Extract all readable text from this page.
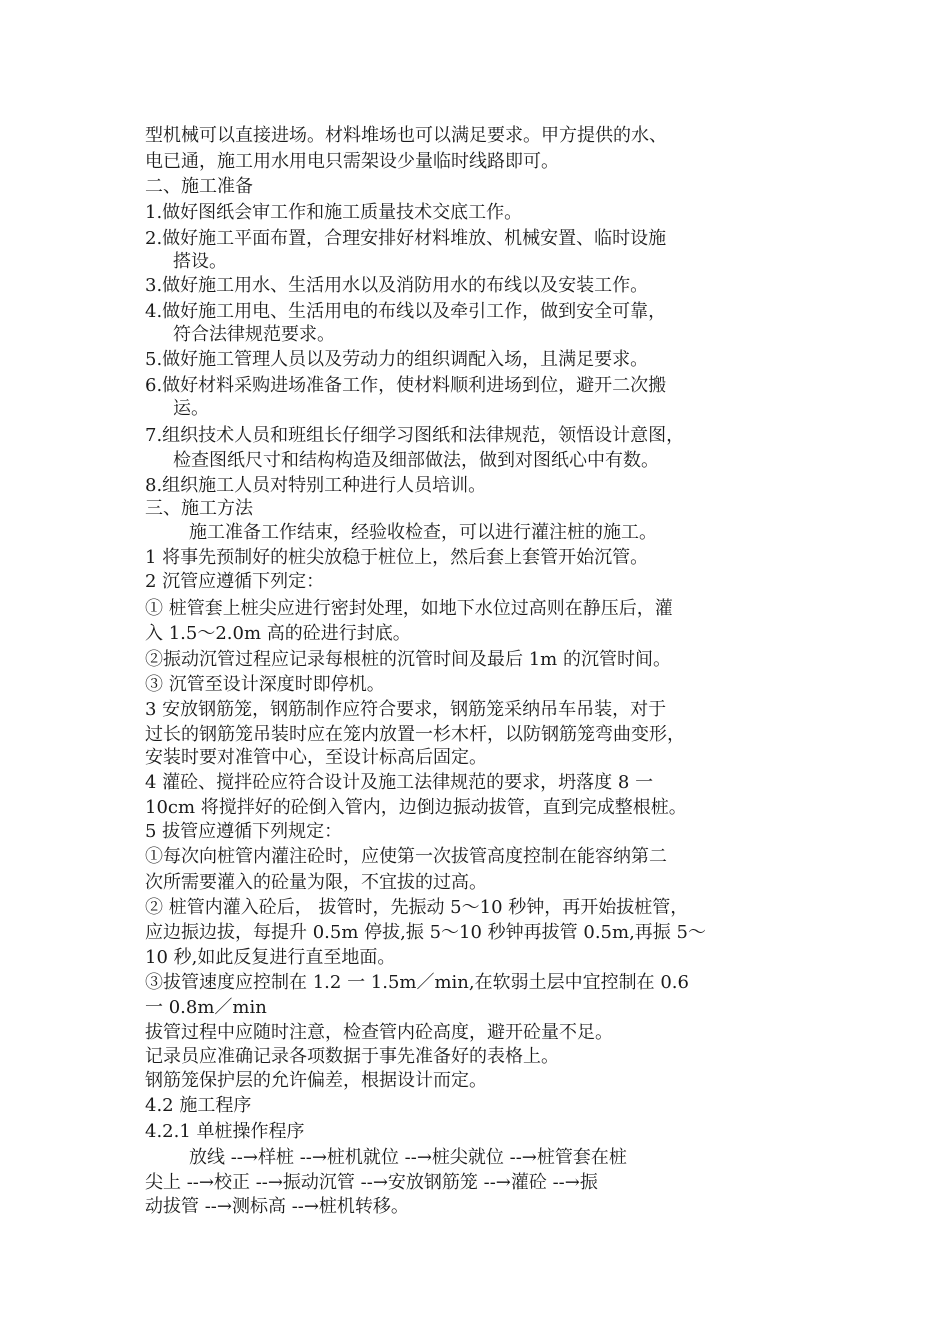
型机械可以直接进场。材料堆场也可以满足要求。甲方提供的水、
电已通，施工用水用电只需架设少量临时线路即可。
二、施工准备
1.做好图纸会审工作和施工质量技术交底工作。
2.做好施工平面布置，合理安排好材料堆放、机械安置、临时设施
搭设。
3.做好施工用水、生活用水以及消防用水的布线以及安装工作。
4.做好施工用电、生活用电的布线以及牵引工作，做到安全可靠，
符合法律规范要求。
5.做好施工管理人员以及劳动力的组织调配入场，且满足要求。
6.做好材料采购进场准备工作，使材料顺利进场到位，避开二次搬
运。
7.组织技术人员和班组长仔细学习图纸和法律规范，领悟设计意图，
检查图纸尺寸和结构构造及细部做法，做到对图纸心中有数。
8.组织施工人员对特别工种进行人员培训。
三、施工方法
施工准备工作结束，经验收检查，可以进行灌注桩的施工。
1 将事先预制好的桩尖放稳于桩位上，然后套上套管开始沉管。
2 沉管应遵循下列定：
① 桩管套上桩尖应进行密封处理，如地下水位过高则在静压后，灌
入 1.5～2.0m 高的砼进行封底。
②振动沉管过程应记录每根桩的沉管时间及最后 1m 的沉管时间。
③ 沉管至设计深度时即停机。
3 安放钢筋笼，钢筋制作应符合要求，钢筋笼采纳吊车吊装，对于
过长的钢筋笼吊装时应在笼内放置一杉木杆，以防钢筋笼弯曲变形，
安装时要对准管中心，至设计标高后固定。
4 灌砼、搅拌砼应符合设计及施工法律规范的要求，坍落度 8 一
10cm 将搅拌好的砼倒入管内，边倒边振动拔管，直到完成整根桩。
5 拔管应遵循下列规定：
①每次向桩管内灌注砼时，应使第一次拔管高度控制在能容纳第二
次所需要灌入的砼量为限，不宜拔的过高。
② 桩管内灌入砼后， 拔管时，先振动 5～10 秒钟，再开始拔桩管，
应边振边拔，每提升 0.5m 停拔,振 5～10 秒钟再拔管 0.5m,再振 5～
10 秒,如此反复进行直至地面。
③拔管速度应控制在 1.2 一 1.5m／min,在软弱土层中宜控制在 0.6
一 0.8m／min
拔管过程中应随时注意，检查管内砼高度，避开砼量不足。
记录员应准确记录各项数据于事先准备好的表格上。
钢筋笼保护层的允许偏差，根据设计而定。
4.2 施工程序
4.2.1 单桩操作程序
放线 --→样桩 --→桩机就位 --→桩尖就位 --→桩管套在桩
尖上 --→校正 --→振动沉管 --→安放钢筋笼 --→灌砼 --→振
动拔管 --→测标高 --→桩机转移。
